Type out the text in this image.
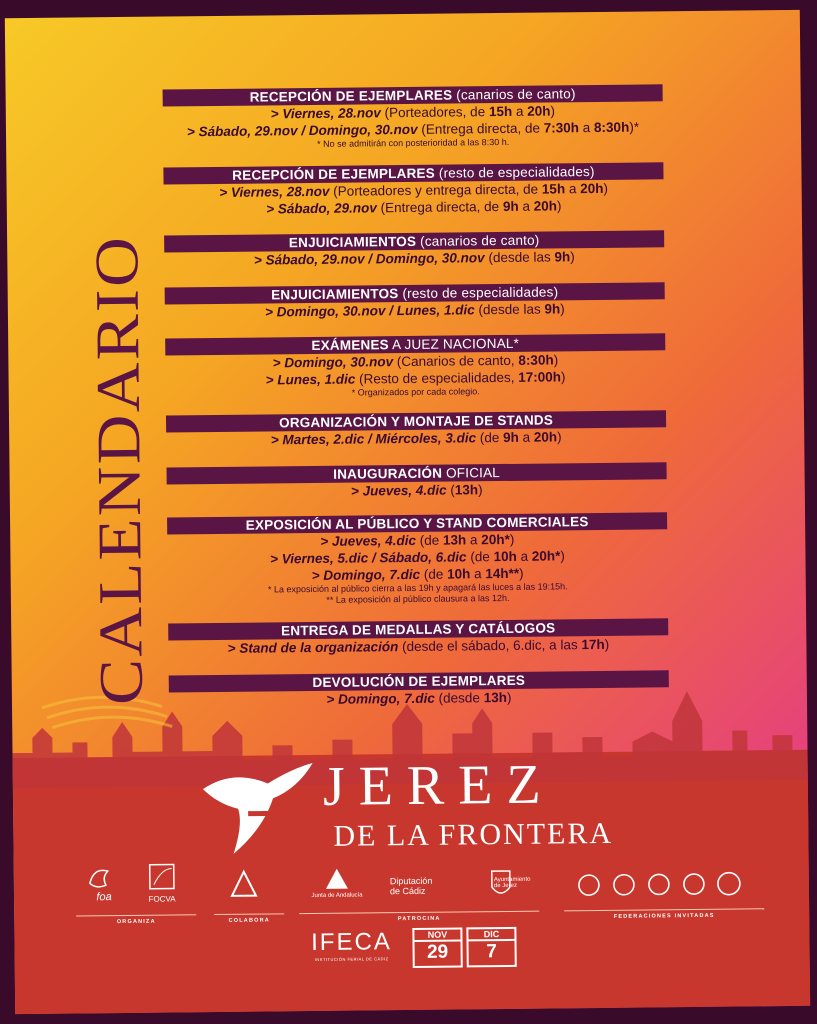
CALENDARIO
RECEPCIÓN DE EJEMPLARES (canarios de canto)
> Viernes, 28.nov (Porteadores, de 15h a 20h)
> Sábado, 29.nov / Domingo, 30.nov (Entrega directa, de 7:30h a 8:30h)*
* No se admitirán con posterioridad a las 8:30 h.
RECEPCIÓN DE EJEMPLARES (resto de especialidades)
> Viernes, 28.nov (Porteadores y entrega directa, de 15h a 20h)
> Sábado, 29.nov (Entrega directa, de 9h a 20h)
ENJUICIAMIENTOS (canarios de canto)
> Sábado, 29.nov / Domingo, 30.nov (desde las 9h)
ENJUICIAMIENTOS (resto de especialidades)
> Domingo, 30.nov / Lunes, 1.dic (desde las 9h)
EXÁMENES A JUEZ NACIONAL*
> Domingo, 30.nov (Canarios de canto, 8:30h)
> Lunes, 1.dic (Resto de especialidades, 17:00h)
* Organizados por cada colegio.
ORGANIZACIÓN Y MONTAJE DE STANDS
> Martes, 2.dic / Miércoles, 3.dic (de 9h a 20h)
INAUGURACIÓN OFICIAL
> Jueves, 4.dic (13h)
EXPOSICIÓN AL PÚBLICO Y STAND COMERCIALES
> Jueves, 4.dic (de 13h a 20h*)
> Viernes, 5.dic / Sábado, 6.dic (de 10h a 20h*)
> Domingo, 7.dic (de 10h a 14h**)
* La exposición al público cierra a las 19h y apagará las luces a las 19:15h.
** La exposición al público clausura a las 12h.
ENTREGA DE MEDALLAS Y CATÁLOGOS
> Stand de la organización (desde el sábado, 6.dic, a las 17h)
DEVOLUCIÓN DE EJEMPLARES
> Domingo, 7.dic (desde 13h)
JEREZ
DE LA FRONTERA
foa	FOCVA	Junta de Andalucía
Diputación de Cádiz
Ayuntamiento de Jerez
ORGANIZA	COLABORA	PATROCINA	FEDERACIONES INVITADAS
IFECA
INSTITUCIÓN FERIAL DE CÁDIZ
NOV
29
DIC
7
